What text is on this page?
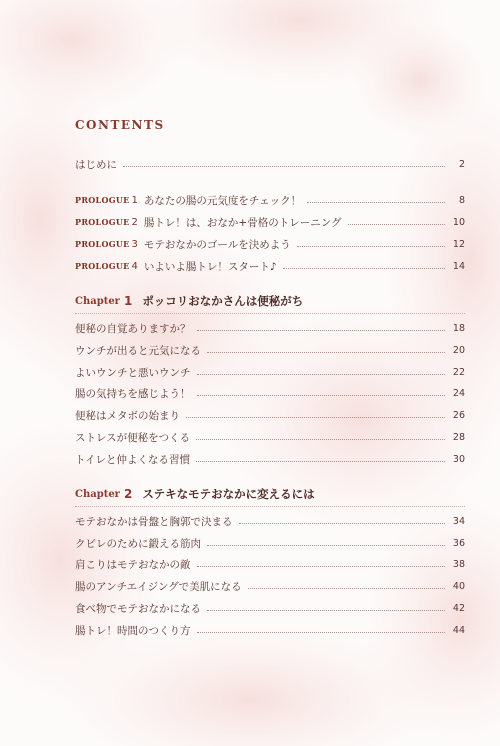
CONTENTS
はじめに	2
PROLOGUE 1 あなたの腸の元気度をチェック！	8
PROLOGUE 2 腸トレ！は、おなか+骨格のトレーニング	10
PROLOGUE 3 モテおなかのゴールを決めよう	12
PROLOGUE 4 いよいよ腸トレ！スタート♪	14
Chapter 1 ポッコリおなかさんは便秘がち
便秘の自覚ありますか？	18
ウンチが出ると元気になる	20
よいウンチと悪いウンチ	22
腸の気持ちを感じよう！	24
便秘はメタボの始まり	26
ストレスが便秘をつくる	28
トイレと仲よくなる習慣	30
Chapter 2 ステキなモテおなかに変えるには
モテおなかは骨盤と胸郭で決まる	34
クビレのために鍛える筋肉	36
肩こりはモテおなかの敵	38
腸のアンチエイジングで美肌になる	40
食べ物でモテおなかになる	42
腸トレ！時間のつくり方	44
